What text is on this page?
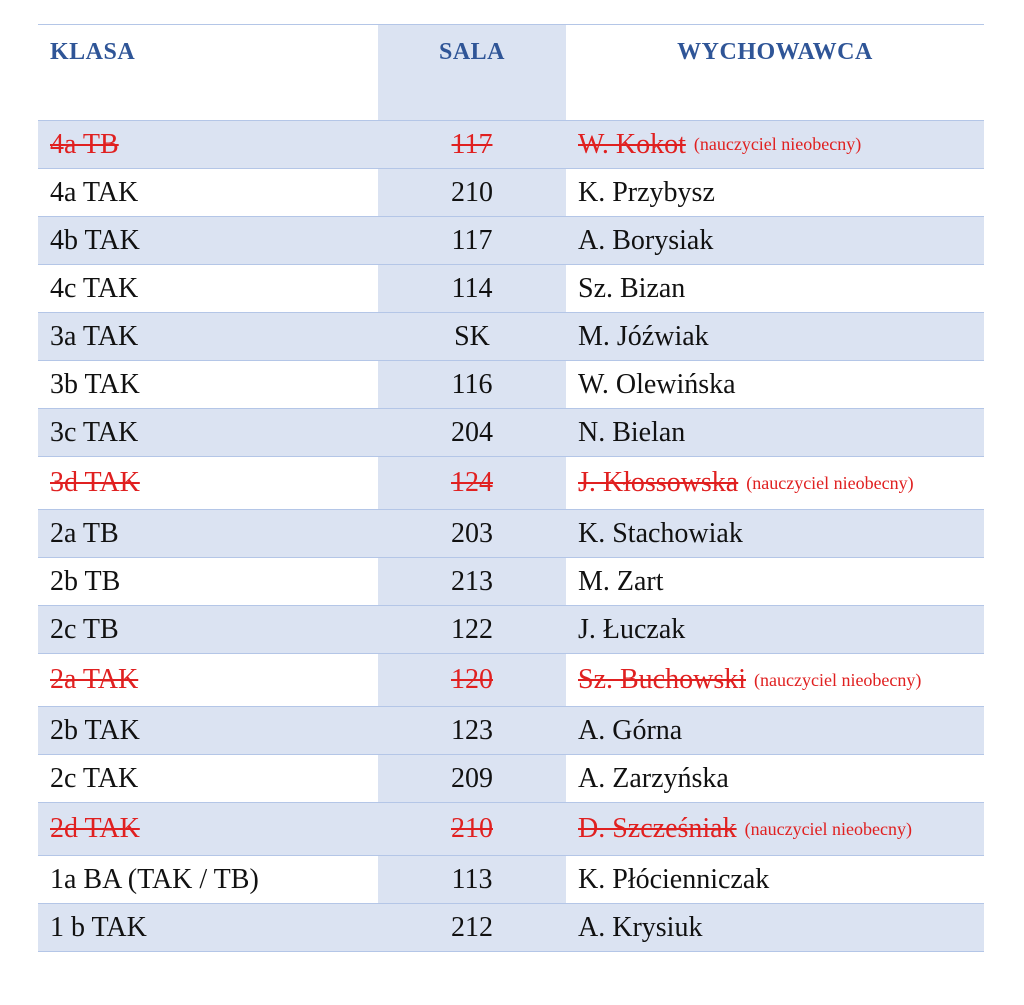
KLASA	SALA	WYCHOWAWCA
4a TB	117	W. Kokot (nauczyciel nieobecny)
4a TAK	210	K. Przybysz
4b TAK	117	A. Borysiak
4c TAK	114	Sz. Bizan
3a TAK	SK	M. Jóźwiak
3b TAK	116	W. Olewińska
3c TAK	204	N. Bielan
3d TAK	124	J. Kłossowska (nauczyciel nieobecny)
2a TB	203	K. Stachowiak
2b TB	213	M. Zart
2c TB	122	J. Łuczak
2a TAK	120	Sz. Buchowski (nauczyciel nieobecny)
2b TAK	123	A. Górna
2c TAK	209	A. Zarzyńska
2d TAK	210	D. Szcześniak (nauczyciel nieobecny)
1a BA (TAK / TB)	113	K. Płócienniczak
1 b TAK	212	A. Krysiuk
